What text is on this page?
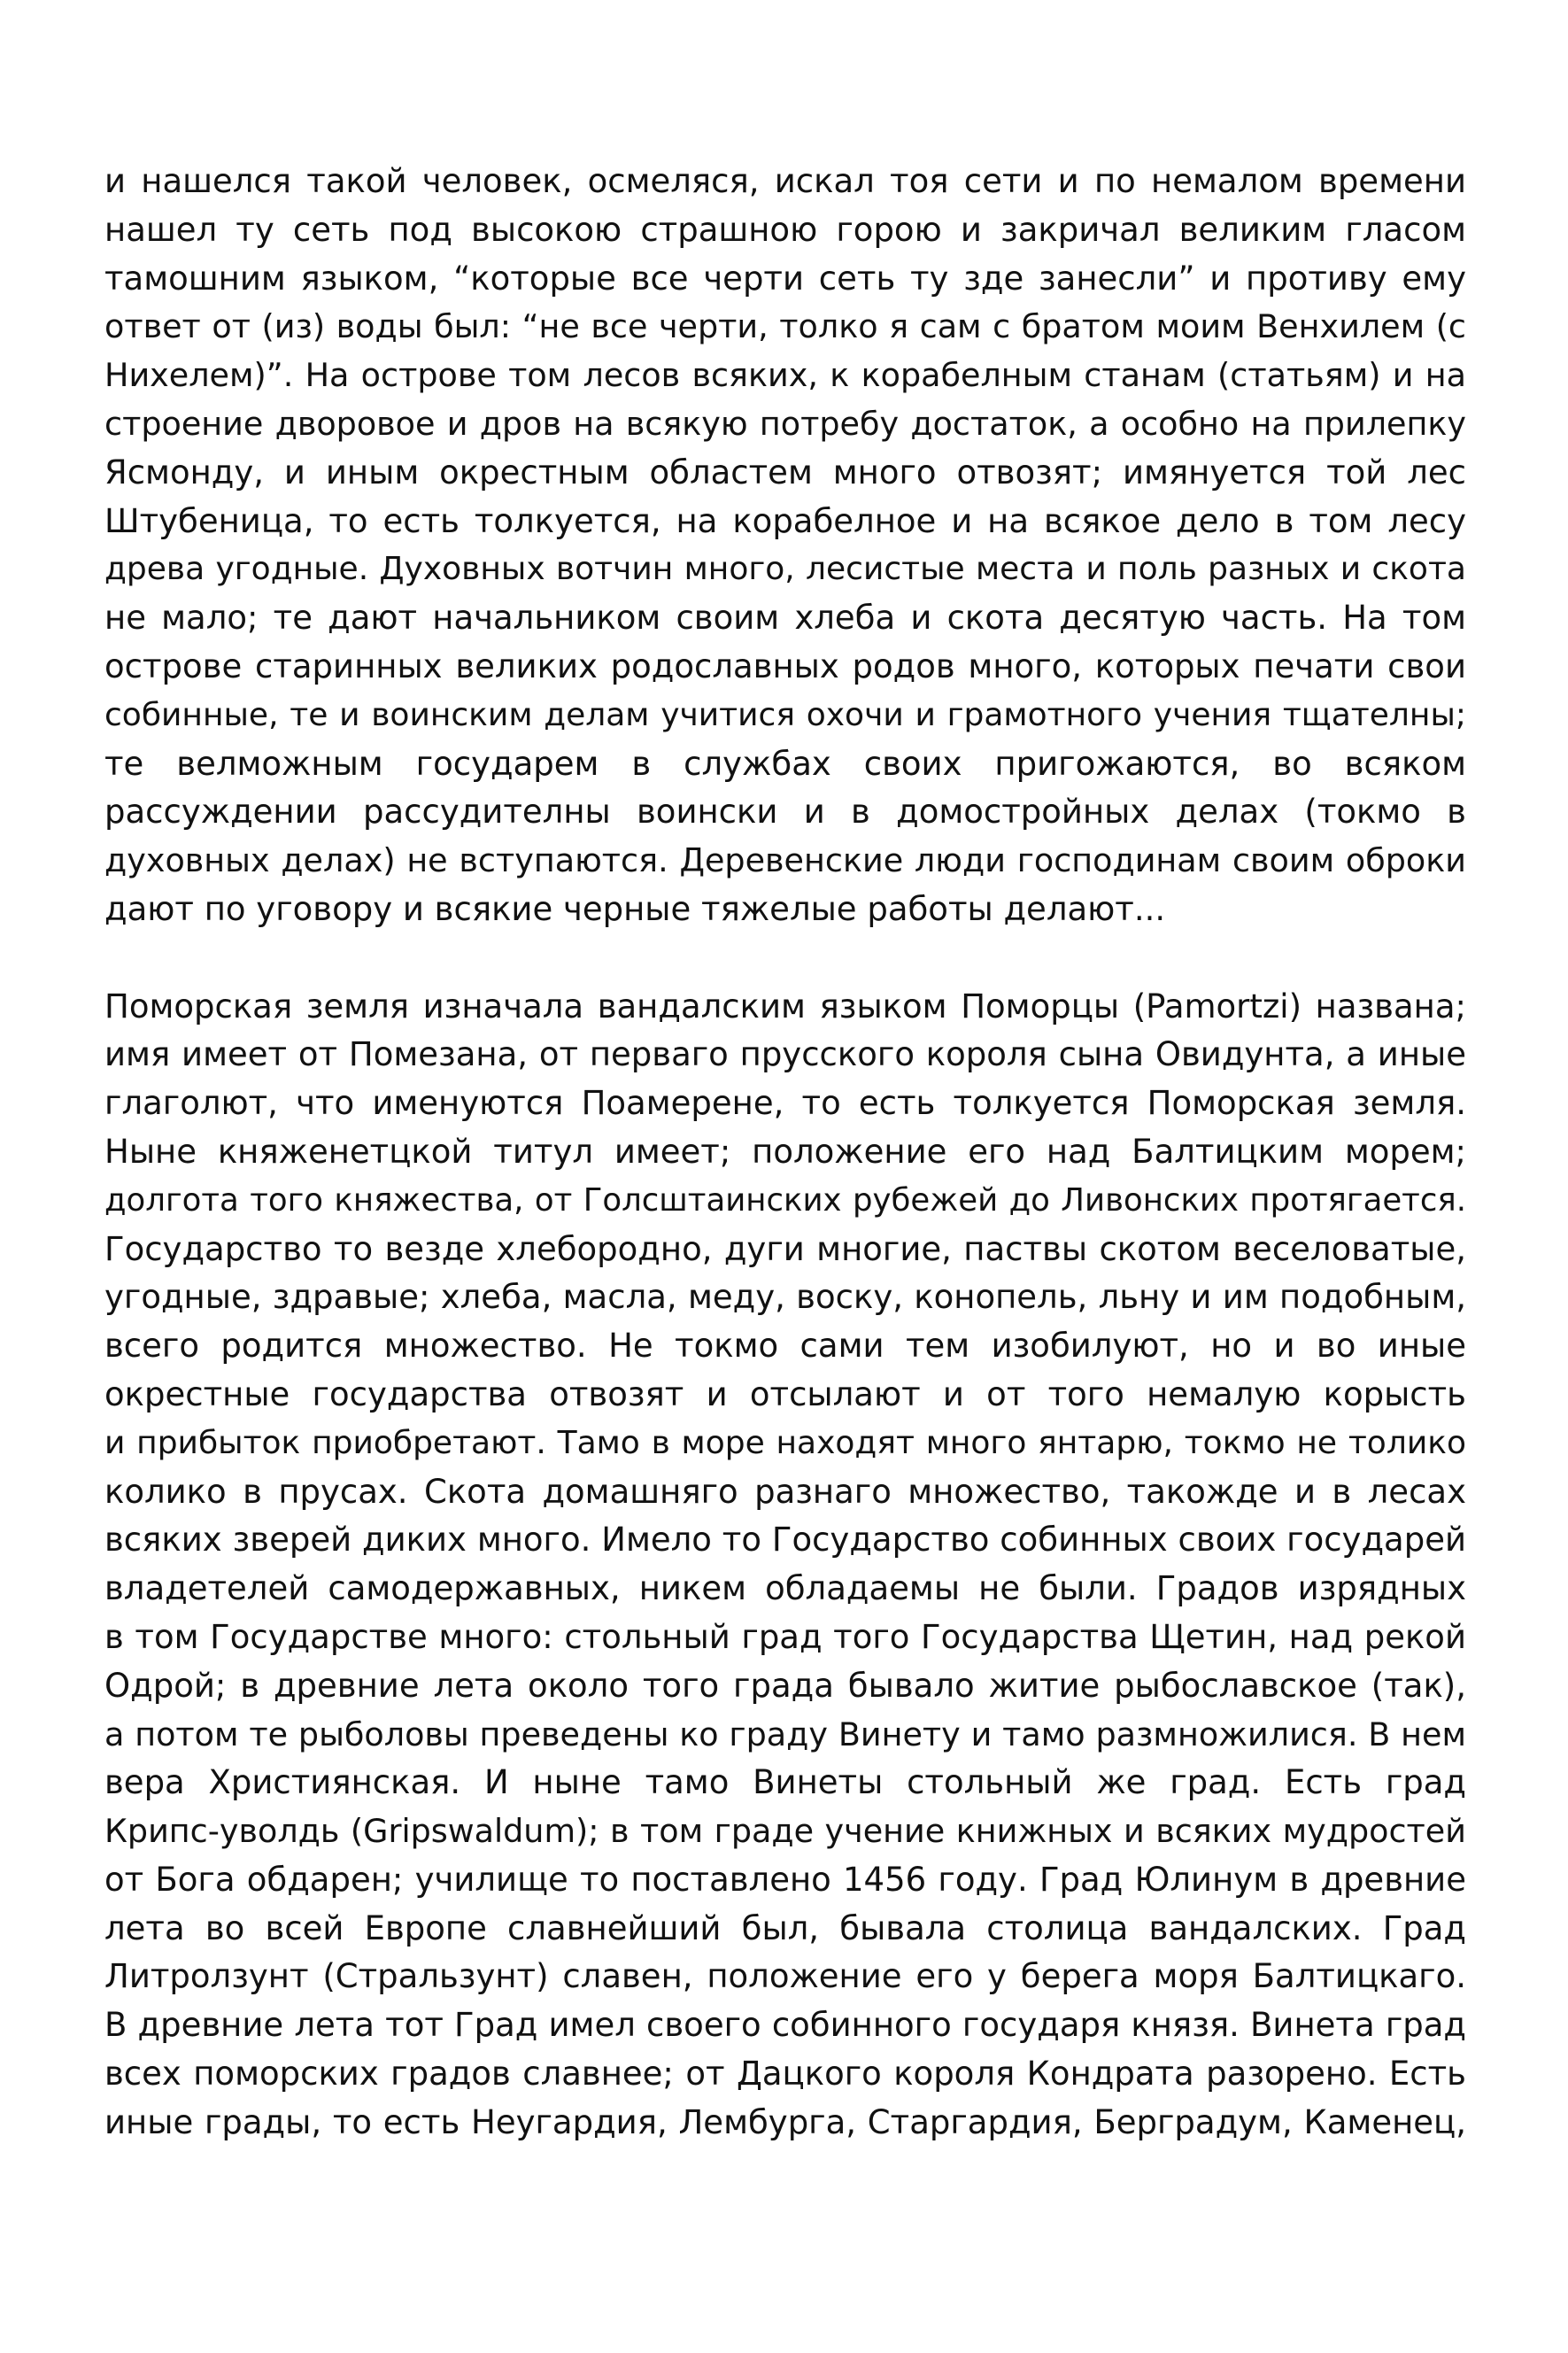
и нашелся такой человек, осмеляся, искал тоя сети и по немалом времени
нашел ту сеть под высокою страшною горою и закричал великим гласом
тамошним языком, “которые все черти сеть ту зде занесли” и противу ему
ответ от (из) воды был: “не все черти, толко я сам с братом моим Венхилем (с
Нихелем)”. На острове том лесов всяких, к корабелным станам (статьям) и на
строение дворовое и дров на всякую потребу достаток, а особно на прилепку
Ясмонду, и иным окрестным областем много отвозят; имянуется той лес
Штубеница, то есть толкуется, на корабелное и на всякое дело в том лесу
древа угодные. Духовных вотчин много, лесистые места и поль разных и скота
не мало; те дают начальником своим хлеба и скота десятую часть. На том
острове старинных великих родославных родов много, которых печати свои
собинные, те и воинским делам учитися охочи и грамотного учения тщателны;
те велможным государем в службах своих пригожаются, во всяком
рассуждении рассудителны воински и в домостройных делах (токмо в
духовных делах) не вступаются. Деревенские люди господинам своим оброки
дают по уговору и всякие черные тяжелые работы делают...
Поморская земля изначала вандалским языком Поморцы (Pamortzi) названа;
имя имеет от Помезана, от перваго прусского короля сына Овидунта, а иные
глаголют, что именуются Поамерене, то есть толкуется Поморская земля.
Ныне княженетцкой титул имеет; положение его над Балтицким морем;
долгота того княжества, от Голсштаинских рубежей до Ливонских протягается.
Государство то везде хлебородно, дуги многие, паствы скотом веселоватые,
угодные, здравые; хлеба, масла, меду, воску, конопель, льну и им подобным,
всего родится множество. Не токмо сами тем изобилуют, но и во иные
окрестные государства отвозят и отсылают и от того немалую корысть
и прибыток приобретают. Тамо в море находят много янтарю, токмо не толико
колико в прусах. Скота домашняго разнаго множество, такожде и в лесах
всяких зверей диких много. Имело то Государство собинных своих государей
владетелей самодержавных, никем обладаемы не были. Градов изрядных
в том Государстве много: стольный град того Государства Щетин, над рекой
Одрой; в древние лета около того града бывало житие рыбославское (так),
а потом те рыболовы преведены ко граду Винету и тамо размножилися. В нем
вера Християнская. И ныне тамо Винеты стольный же град. Есть град
Крипс-уволдь (Gripswaldum); в том граде учение книжных и всяких мудростей
от Бога обдарен; училище то поставлено 1456 году. Град Юлинум в древние
лета во всей Европе славнейший был, бывала столица вандалских. Град
Литролзунт (Стральзунт) славен, положение его у берега моря Балтицкаго.
В древние лета тот Град имел своего собинного государя князя. Винета град
всех поморских градов славнее; от Дацкого короля Кондрата разорено. Есть
иные грады, то есть Неугардия, Лембурга, Старгардия, Берградум, Каменец,
